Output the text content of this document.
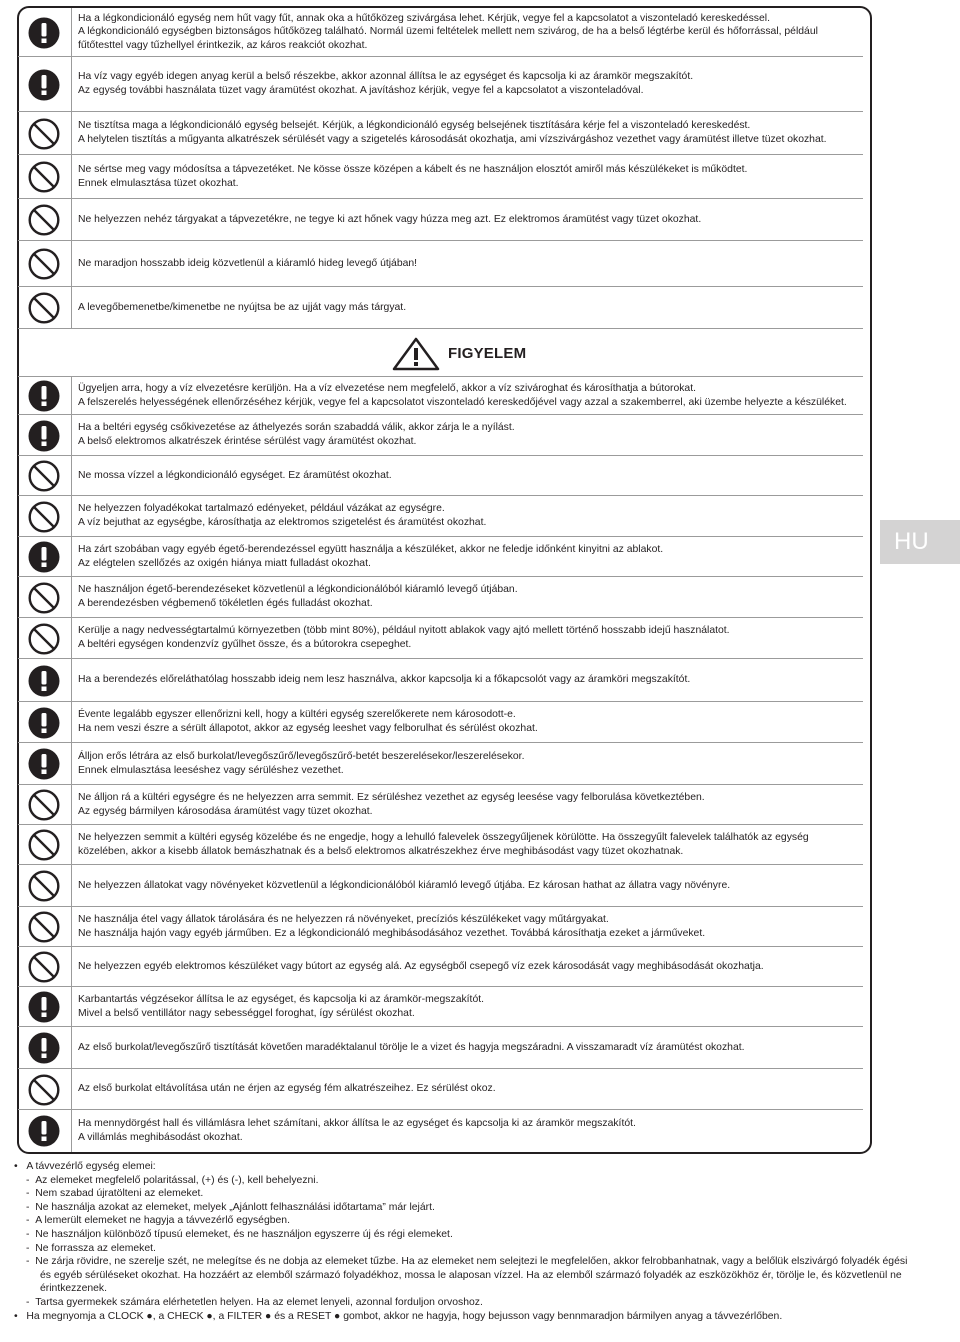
Ha a légkondicionáló egység nem hűt vagy fűt, annak oka a hűtőközeg szivárgása lehet. Kérjük, vegye fel a kapcsolatot a viszonteladó kereskedéssel.

A légkondicionáló egységben biztonságos hűtőközeg található. Normál üzemi feltételek mellett nem szivárog, de ha a belső légtérbe kerül és hőforrással, például fűtőtesttel vagy tűzhellyel érintkezik, az káros reakciót okozhat.

Ha víz vagy egyéb idegen anyag kerül a belső részekbe, akkor azonnal állítsa le az egységet és kapcsolja ki az áramkör megszakítót.

Az egység további használata tüzet vagy áramütést okozhat. A javításhoz kérjük, vegye fel a kapcsolatot a viszonteladóval.

Ne tisztítsa maga a légkondicionáló egység belsejét. Kérjük, a légkondicionáló egység belsejének tisztítására kérje fel a viszonteladó kereskedést.

A helytelen tisztítás a műgyanta alkatrészek sérülését vagy a szigetelés károsodását okozhatja, ami vízszivárgáshoz vezethet vagy áramütést illetve tüzet okozhat.

Ne sértse meg vagy módosítsa a tápvezetéket. Ne kösse össze középen a kábelt és ne használjon elosztót amiről más készülékeket is működtet.

Ennek elmulasztása tüzet okozhat.

Ne helyezzen nehéz tárgyakat a tápvezetékre, ne tegye ki azt hőnek vagy húzza meg azt. Ez elektromos áramütést vagy tüzet okozhat.

Ne maradjon hosszabb ideig közvetlenül a kiáramló hideg levegő útjában!

A levegőbemenetbe/kimenetbe ne nyújtsa be az ujját vagy más tárgyat.

Ügyeljen arra, hogy a víz elvezetésre kerüljön. Ha a víz elvezetése nem megfelelő, akkor a víz szivároghat és károsíthatja a bútorokat.

A felszerelés helyességének ellenőrzéséhez kérjük, vegye fel a kapcsolatot viszonteladó kereskedőjével vagy azzal a szakemberrel, aki üzembe helyezte a készüléket.

Ha a beltéri egység csőkivezetése az áthelyezés során szabaddá válik, akkor zárja le a nyílást.

A belső elektromos alkatrészek érintése sérülést vagy áramütést okozhat.

Ne mossa vízzel a légkondicionáló egységet. Ez áramütést okozhat.

Ne helyezzen folyadékokat tartalmazó edényeket, például vázákat az egységre.

A víz bejuthat az egységbe, károsíthatja az elektromos szigetelést és áramütést okozhat.

Ha zárt szobában vagy egyéb égető-berendezéssel együtt használja a készüléket, akkor ne feledje időnként kinyitni az ablakot.

Az elégtelen szellőzés az oxigén hiánya miatt fulladást okozhat.

Ne használjon égető-berendezéseket közvetlenül a légkondicionálóból kiáramló levegő útjában.

A berendezésben végbemenő tökéletlen égés fulladást okozhat.

Kerülje a nagy nedvességtartalmú környezetben (több mint 80%), például nyitott ablakok vagy ajtó mellett történő hosszabb idejű használatot.

A beltéri egységen kondenzvíz gyűlhet össze, és a bútorokra csepeghet.

Ha a berendezés előreláthatólag hosszabb ideig nem lesz használva, akkor kapcsolja ki a főkapcsolót vagy az áramköri megszakítót.

Évente legalább egyszer ellenőrizni kell, hogy a kültéri egység szerelőkerete nem károsodott-e.

Ha nem veszi észre a sérült állapotot, akkor az egység leeshet vagy felborulhat és sérülést okozhat.

Álljon erős létrára az első burkolat/levegőszűrő/levegőszűrő-betét beszerelésekor/leszerelésekor.

Ennek elmulasztása leeséshez vagy sérüléshez vezethet.

Ne álljon rá a kültéri egységre és ne helyezzen arra semmit. Ez sérüléshez vezethet az egység leesése vagy felborulása következtében.

Az egység bármilyen károsodása áramütést vagy tüzet okozhat.

Ne helyezzen semmit a kültéri egység közelébe és ne engedje, hogy a lehulló falevelek összegyűljenek körülötte. Ha összegyűlt falevelek találhatók az egység közelében, akkor a kisebb állatok bemászhatnak és a belső elektromos alkatrészekhez érve meghibásodást vagy tüzet okozhatnak.

Ne helyezzen állatokat vagy növényeket közvetlenül a légkondicionálóból kiáramló levegő útjába. Ez károsan hathat az állatra vagy növényre.

Ne használja étel vagy állatok tárolására és ne helyezzen rá növényeket, precíziós készülékeket vagy műtárgyakat.

Ne használja hajón vagy egyéb járműben. Ez a légkondicionáló meghibásodásához vezethet. Továbbá károsíthatja ezeket a járműveket.

Ne helyezzen egyéb elektromos készüléket vagy bútort az egység alá. Az egységből csepegő víz ezek károsodását vagy meghibásodását okozhatja.

Karbantartás végzésekor állítsa le az egységet, és kapcsolja ki az áramkör-megszakítót.

Mivel a belső ventillátor nagy sebességgel foroghat, így sérülést okozhat.

Az első burkolat/levegőszűrő tisztítását követően maradéktalanul törölje le a vizet és hagyja megszáradni. A visszamaradt víz áramütést okozhat.

Az első burkolat eltávolítása után ne érjen az egység fém alkatrészeihez. Ez sérülést okoz.

Ha mennydörgést hall és villámlásra lehet számítani, akkor állítsa le az egységet és kapcsolja ki az áramkör megszakítót.

A villámlás meghibásodást okozhat.

FIGYELEM
HU

•   A távvezérlő egység elemei:

-  Az elemeket megfelelő polaritással, (+) és (-), kell behelyezni.

-  Nem szabad újratölteni az elemeket.

-  Ne használja azokat az elemeket, melyek „Ajánlott felhasználási időtartama” már lejárt.

-  A lemerült elemeket ne hagyja a távvezérlő egységben.

-  Ne használjon különböző típusú elemeket, és ne használjon egyszerre új és régi elemeket.

-  Ne forrassza az elemeket.

-  Ne zárja rövidre, ne szerelje szét, ne melegítse és ne dobja az elemeket tűzbe. Ha az elemeket nem selejtezi le megfelelően, akkor felrobbanhatnak, vagy a belőlük elszivárgó folyadék égési és egyéb sérüléseket okozhat. Ha hozzáért az elemből származó folyadékhoz, mossa le alaposan vízzel. Ha az elemből származó folyadék az eszközökhöz ér, törölje le, és közvetlenül ne érintkezzenek.

-  Tartsa gyermekek számára elérhetetlen helyen. Ha az elemet lenyeli, azonnal forduljon orvoshoz.

•   Ha megnyomja a CLOCK ●, a CHECK ●, a FILTER ● és a RESET ● gombot, akkor ne hagyja, hogy bejusson vagy bennmaradjon bármilyen anyag a távvezérlőben.
